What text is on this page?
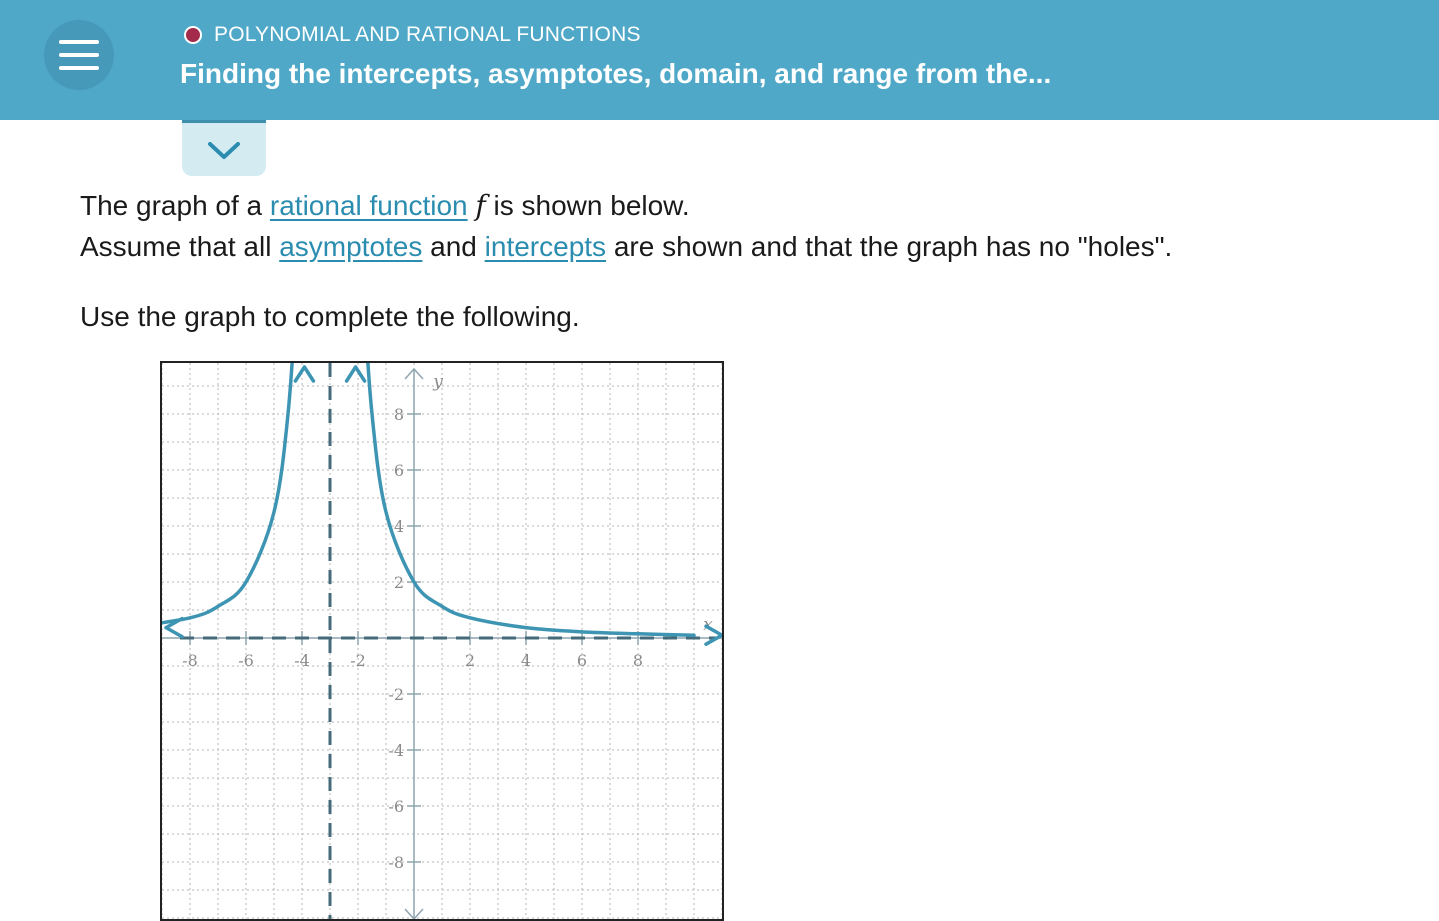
POLYNOMIAL AND RATIONAL FUNCTIONS
Finding the intercepts, asymptotes, domain, and range from the...
The graph of a rational function f is shown below.
Assume that all asymptotes and intercepts are shown and that the graph has no "holes".
Use the graph to complete the following.
-8	-6	-4	-2	2	4	6	8
8
6
4
2
-2
-4
-6
-8
x
y
